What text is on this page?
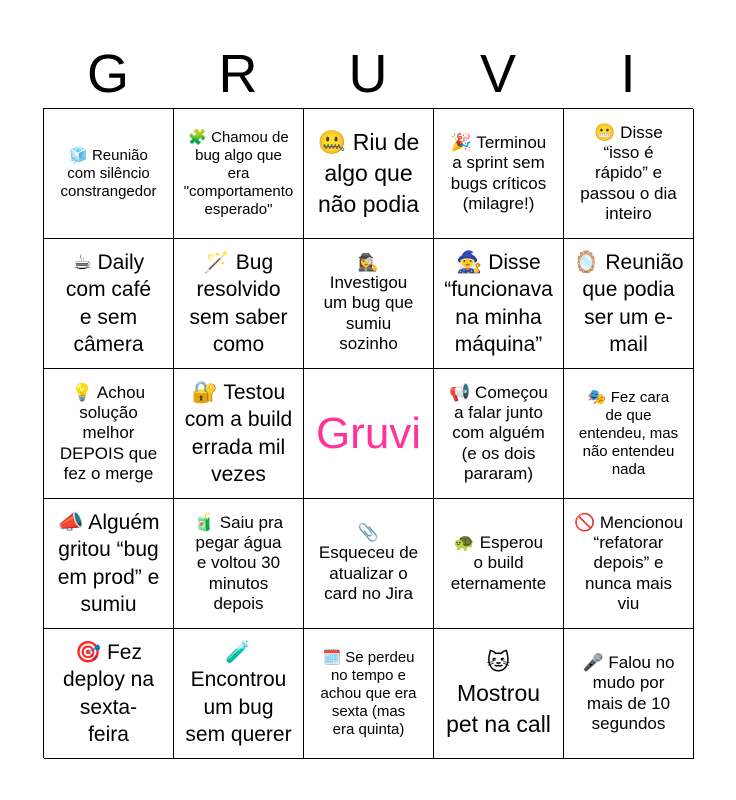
G	R	U	V	I
🧊 Reunião
com silêncio
constrangedor
🧩 Chamou de
bug algo que
era
"comportamento
esperado"
🤐 Riu de
algo que
não podia
🎉 Terminou
a sprint sem
bugs críticos
(milagre!)
😬 Disse
“isso é
rápido” e
passou o dia
inteiro
☕ Daily
com café
e sem
câmera
🪄 Bug
resolvido
sem saber
como
🕵️‍♀️
Investigou
um bug que
sumiu
sozinho
🧙‍♀️ Disse
“funcionava
na minha
máquina”
🪞 Reunião
que podia
ser um e-
mail
💡 Achou
solução
melhor
DEPOIS que
fez o merge
🔐 Testou
com a build
errada mil
vezes
Gruvi
📢 Começou
a falar junto
com alguém
(e os dois
pararam)
🎭 Fez cara
de que
entendeu, mas
não entendeu
nada
📣 Alguém
gritou “bug
em prod” e
sumiu
🧃 Saiu pra
pegar água
e voltou 30
minutos
depois
📎
Esqueceu de
atualizar o
card no Jira
🐢 Esperou
o build
eternamente
🚫 Mencionou
“refatorar
depois” e
nunca mais
viu
🎯 Fez
deploy na
sexta-
feira
🧪
Encontrou
um bug
sem querer
🗓️ Se perdeu
no tempo e
achou que era
sexta (mas
era quinta)
🐱
Mostrou
pet na call
🎤 Falou no
mudo por
mais de 10
segundos
